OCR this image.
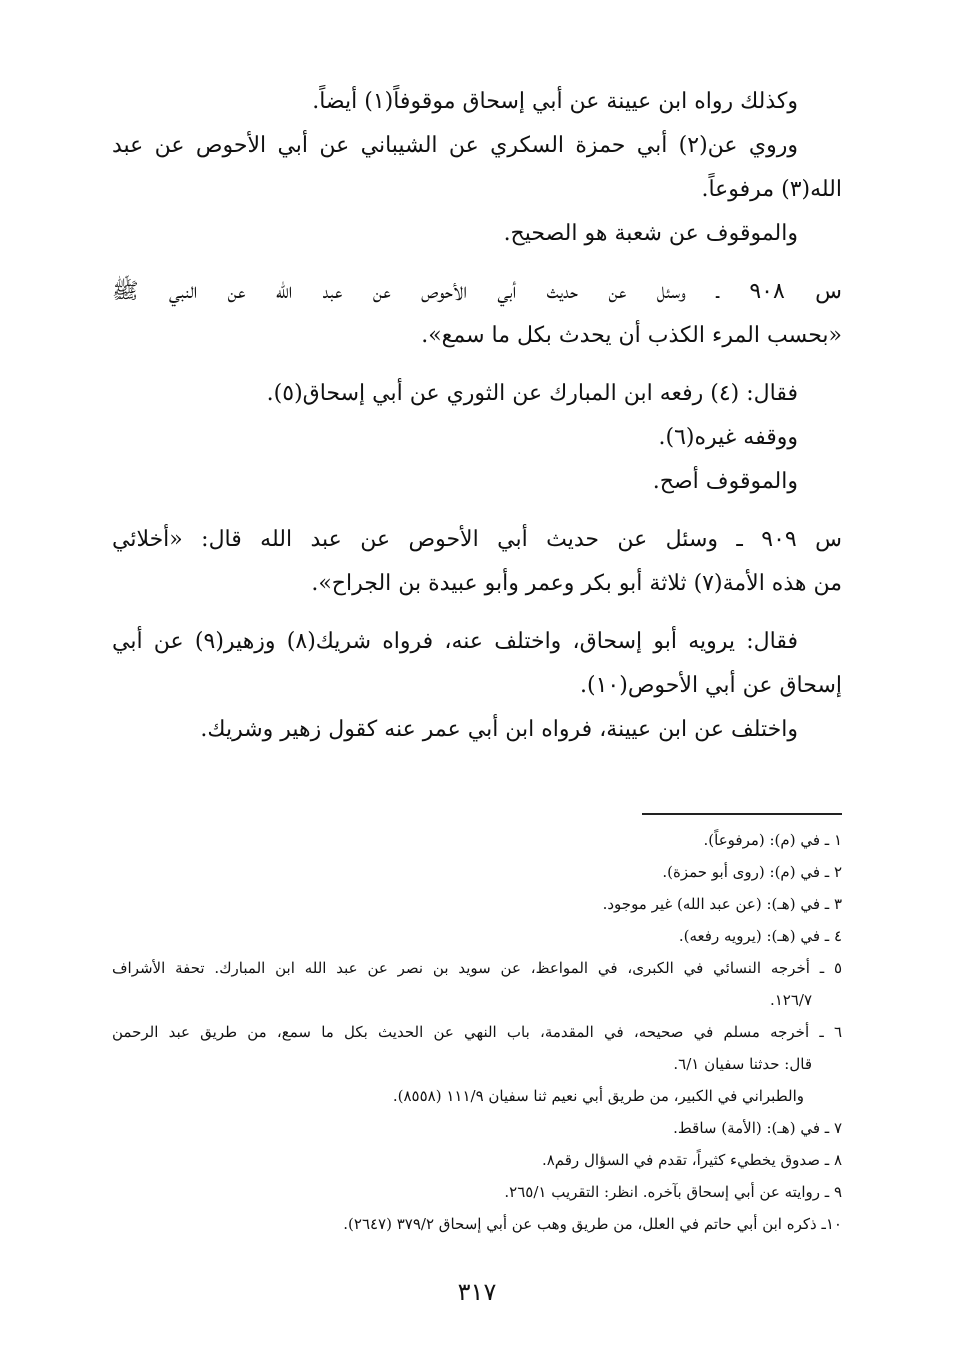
وكذلك رواه ابن عيينة عن أبي إسحاق موقوفاً(١) أيضاً.
وروي عن(٢) أبي حمزة السكري عن الشيباني عن أبي الأحوص عن عبد
الله(٣) مرفوعاً.
والموقوف عن شعبة هو الصحيح.
س ٩٠٨ ـ وسئل عن حديث أبي الأحوص عن عبد الله عن النبي ﷺ
«بحسب المرء الكذب أن يحدث بكل ما سمع».
فقال: (٤) رفعه ابن المبارك عن الثوري عن أبي إسحاق(٥).
ووقفه غيره(٦).
والموقوف أصح.
س ٩٠٩ ـ وسئل عن حديث أبي الأحوص عن عبد الله قال: «أخلائي
من هذه الأمة(٧) ثلاثة أبو بكر وعمر وأبو عبيدة بن الجراح».
فقال: يرويه أبو إسحاق، واختلف عنه، فرواه شريك(٨) وزهير(٩) عن أبي
إسحاق عن أبي الأحوص(١٠).
واختلف عن ابن عيينة، فرواه ابن أبي عمر عنه كقول زهير وشريك.
١ ـ في (م): (مرفوعاً).
٢ ـ في (م): (روى أبو حمزة).
٣ ـ في (هـ): (عن عبد الله) غير موجود.
٤ ـ في (هـ): (يرويه رفعه).
٥ ـ أخرجه النسائي في الكبرى، في المواعظ، عن سويد بن نصر عن عبد الله ابن المبارك. تحفة الأشراف
١٢٦/٧.
٦ ـ أخرجه مسلم في صحيحه، في المقدمة، باب النهي عن الحديث بكل ما سمع، من طريق عبد الرحمن
قال: حدثنا سفيان ٦/١.
والطبراني في الكبير، من طريق أبي نعيم ثنا سفيان ١١١/٩ (٨٥٥٨).
٧ ـ في (هـ): (الأمة) ساقط.
٨ ـ صدوق يخطيء كثيراً، تقدم في السؤال رقم٨.
٩ ـ روايته عن أبي إسحاق بآخره. انظر: التقريب ٢٦٥/١.
١٠ـ ذكره ابن أبي حاتم في العلل، من طريق وهب عن أبي إسحاق ٣٧٩/٢ (٢٦٤٧).
٣١٧
